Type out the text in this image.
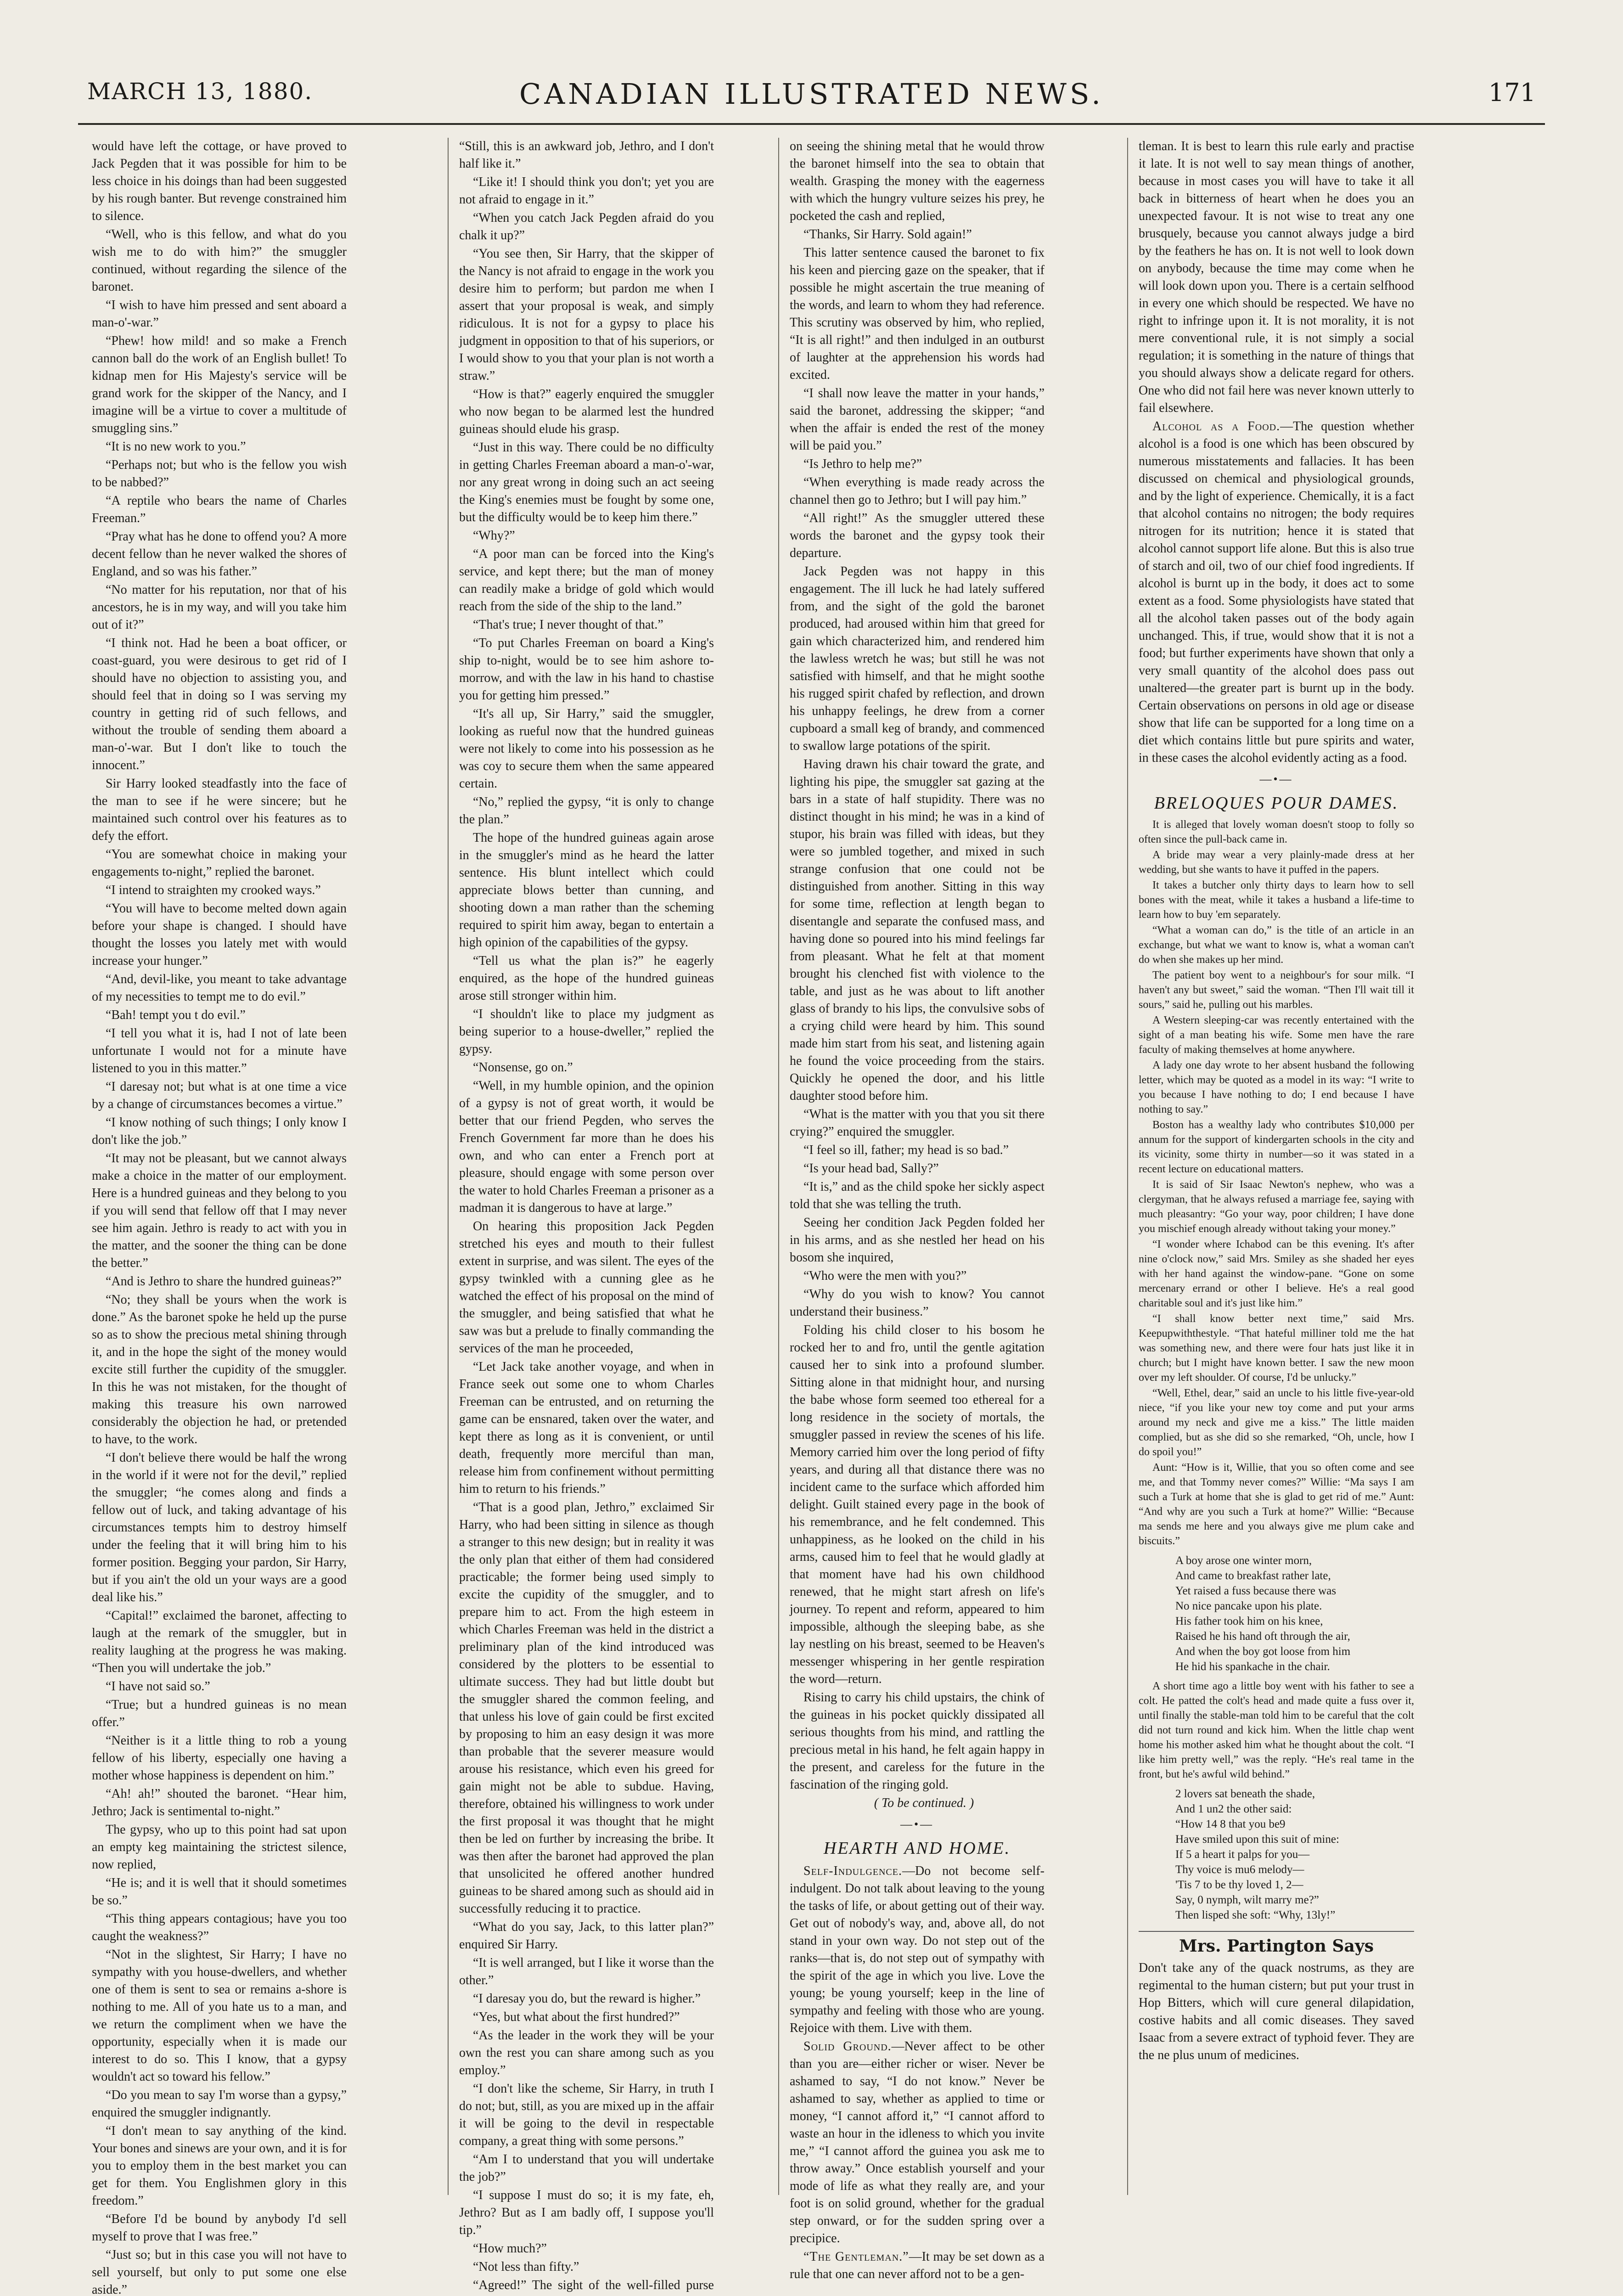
MARCH 13, 1880.	CANADIAN ILLUSTRATED NEWS.	171

would have left the cottage, or have proved to Jack Pegden that it was possible for him to be less choice in his doings than had been suggested by his rough banter. But revenge constrained him to silence.

“Well, who is this fellow, and what do you wish me to do with him?” the smuggler continued, without regarding the silence of the baronet.

“I wish to have him pressed and sent aboard a man-o'-war.”

“Phew! how mild! and so make a French cannon ball do the work of an English bullet! To kidnap men for His Majesty's service will be grand work for the skipper of the Nancy, and I imagine will be a virtue to cover a multitude of smuggling sins.”

“It is no new work to you.”

“Perhaps not; but who is the fellow you wish to be nabbed?”

“A reptile who bears the name of Charles Freeman.”

“Pray what has he done to offend you? A more decent fellow than he never walked the shores of England, and so was his father.”

“No matter for his reputation, nor that of his ancestors, he is in my way, and will you take him out of it?”

“I think not. Had he been a boat officer, or coast-guard, you were desirous to get rid of I should have no objection to assisting you, and should feel that in doing so I was serving my country in getting rid of such fellows, and without the trouble of sending them aboard a man-o'-war. But I don't like to touch the innocent.”

Sir Harry looked steadfastly into the face of the man to see if he were sincere; but he maintained such control over his features as to defy the effort.

“You are somewhat choice in making your engagements to-night,” replied the baronet.

“I intend to straighten my crooked ways.”

“You will have to become melted down again before your shape is changed. I should have thought the losses you lately met with would increase your hunger.”

“And, devil-like, you meant to take advantage of my necessities to tempt me to do evil.”

“Bah! tempt you t do evil.”

“I tell you what it is, had I not of late been unfortunate I would not for a minute have listened to you in this matter.”

“I daresay not; but what is at one time a vice by a change of circumstances becomes a virtue.”

“I know nothing of such things; I only know I don't like the job.”

“It may not be pleasant, but we cannot always make a choice in the matter of our employment. Here is a hundred guineas and they belong to you if you will send that fellow off that I may never see him again. Jethro is ready to act with you in the matter, and the sooner the thing can be done the better.”

“And is Jethro to share the hundred guineas?”

“No; they shall be yours when the work is done.” As the baronet spoke he held up the purse so as to show the precious metal shining through it, and in the hope the sight of the money would excite still further the cupidity of the smuggler. In this he was not mistaken, for the thought of making this treasure his own narrowed considerably the objection he had, or pretended to have, to the work.

“I don't believe there would be half the wrong in the world if it were not for the devil,” replied the smuggler; “he comes along and finds a fellow out of luck, and taking advantage of his circumstances tempts him to destroy himself under the feeling that it will bring him to his former position. Begging your pardon, Sir Harry, but if you ain't the old un your ways are a good deal like his.”

“Capital!” exclaimed the baronet, affecting to laugh at the remark of the smuggler, but in reality laughing at the progress he was making. “Then you will undertake the job.”

“I have not said so.”

“True; but a hundred guineas is no mean offer.”

“Neither is it a little thing to rob a young fellow of his liberty, especially one having a mother whose happiness is dependent on him.”

“Ah! ah!” shouted the baronet. “Hear him, Jethro; Jack is sentimental to-night.”

The gypsy, who up to this point had sat upon an empty keg maintaining the strictest silence, now replied,

“He is; and it is well that it should sometimes be so.”

“This thing appears contagious; have you too caught the weakness?”

“Not in the slightest, Sir Harry; I have no sympathy with you house-dwellers, and whether one of them is sent to sea or remains a-shore is nothing to me. All of you hate us to a man, and we return the compliment when we have the opportunity, especially when it is made our interest to do so. This I know, that a gypsy wouldn't act so toward his fellow.”

“Do you mean to say I'm worse than a gypsy,” enquired the smuggler indignantly.

“I don't mean to say anything of the kind. Your bones and sinews are your own, and it is for you to employ them in the best market you can get for them. You Englishmen glory in this freedom.”

“Before I'd be bound by anybody I'd sell myself to prove that I was free.”

“Just so; but in this case you will not have to sell yourself, but only to put some one else aside.”

“Still, this is an awkward job, Jethro, and I don't half like it.”

“Like it! I should think you don't; yet you are not afraid to engage in it.”

“When you catch Jack Pegden afraid do you chalk it up?”

“You see then, Sir Harry, that the skipper of the Nancy is not afraid to engage in the work you desire him to perform; but pardon me when I assert that your proposal is weak, and simply ridiculous. It is not for a gypsy to place his judgment in opposition to that of his superiors, or I would show to you that your plan is not worth a straw.”

“How is that?” eagerly enquired the smuggler who now began to be alarmed lest the hundred guineas should elude his grasp.

“Just in this way. There could be no difficulty in getting Charles Freeman aboard a man-o'-war, nor any great wrong in doing such an act seeing the King's enemies must be fought by some one, but the difficulty would be to keep him there.”

“Why?”

“A poor man can be forced into the King's service, and kept there; but the man of money can readily make a bridge of gold which would reach from the side of the ship to the land.”

“That's true; I never thought of that.”

“To put Charles Freeman on board a King's ship to-night, would be to see him ashore to-morrow, and with the law in his hand to chastise you for getting him pressed.”

“It's all up, Sir Harry,” said the smuggler, looking as rueful now that the hundred guineas were not likely to come into his possession as he was coy to secure them when the same appeared certain.

“No,” replied the gypsy, “it is only to change the plan.”

The hope of the hundred guineas again arose in the smuggler's mind as he heard the latter sentence. His blunt intellect which could appreciate blows better than cunning, and shooting down a man rather than the scheming required to spirit him away, began to entertain a high opinion of the capabilities of the gypsy.

“Tell us what the plan is?” he eagerly enquired, as the hope of the hundred guineas arose still stronger within him.

“I shouldn't like to place my judgment as being superior to a house-dweller,” replied the gypsy.

“Nonsense, go on.”

“Well, in my humble opinion, and the opinion of a gypsy is not of great worth, it would be better that our friend Pegden, who serves the French Government far more than he does his own, and who can enter a French port at pleasure, should engage with some person over the water to hold Charles Freeman a prisoner as a madman it is dangerous to have at large.”

On hearing this proposition Jack Pegden stretched his eyes and mouth to their fullest extent in surprise, and was silent. The eyes of the gypsy twinkled with a cunning glee as he watched the effect of his proposal on the mind of the smuggler, and being satisfied that what he saw was but a prelude to finally commanding the services of the man he proceeded,

“Let Jack take another voyage, and when in France seek out some one to whom Charles Freeman can be entrusted, and on returning the game can be ensnared, taken over the water, and kept there as long as it is convenient, or until death, frequently more merciful than man, release him from confinement without permitting him to return to his friends.”

“That is a good plan, Jethro,” exclaimed Sir Harry, who had been sitting in silence as though a stranger to this new design; but in reality it was the only plan that either of them had considered practicable; the former being used simply to excite the cupidity of the smuggler, and to prepare him to act. From the high esteem in which Charles Freeman was held in the district a preliminary plan of the kind introduced was considered by the plotters to be essential to ultimate success. They had but little doubt but the smuggler shared the common feeling, and that unless his love of gain could be first excited by proposing to him an easy design it was more than probable that the severer measure would arouse his resistance, which even his greed for gain might not be able to subdue. Having, therefore, obtained his willingness to work under the first proposal it was thought that he might then be led on further by increasing the bribe. It was then after the baronet had approved the plan that unsolicited he offered another hundred guineas to be shared among such as should aid in successfully reducing it to practice.

“What do you say, Jack, to this latter plan?” enquired Sir Harry.

“It is well arranged, but I like it worse than the other.”

“I daresay you do, but the reward is higher.”

“Yes, but what about the first hundred?”

“As the leader in the work they will be your own the rest you can share among such as you employ.”

“I don't like the scheme, Sir Harry, in truth I do not; but, still, as you are mixed up in the affair it will be going to the devil in respectable company, a great thing with some persons.”

“Am I to understand that you will undertake the job?”

“I suppose I must do so; it is my fate, eh, Jethro? But as I am badly off, I suppose you'll tip.”

“How much?”

“Not less than fifty.”

“Agreed!” The sight of the well-filled purse

on seeing the shining metal that he would throw the baronet himself into the sea to obtain that wealth. Grasping the money with the eagerness with which the hungry vulture seizes his prey, he pocketed the cash and replied,

“Thanks, Sir Harry. Sold again!”

This latter sentence caused the baronet to fix his keen and piercing gaze on the speaker, that if possible he might ascertain the true meaning of the words, and learn to whom they had reference. This scrutiny was observed by him, who replied, “It is all right!” and then indulged in an outburst of laughter at the apprehension his words had excited.

“I shall now leave the matter in your hands,” said the baronet, addressing the skipper; “and when the affair is ended the rest of the money will be paid you.”

“Is Jethro to help me?”

“When everything is made ready across the channel then go to Jethro; but I will pay him.”

“All right!” As the smuggler uttered these words the baronet and the gypsy took their departure.

Jack Pegden was not happy in this engagement. The ill luck he had lately suffered from, and the sight of the gold the baronet produced, had aroused within him that greed for gain which characterized him, and rendered him the lawless wretch he was; but still he was not satisfied with himself, and that he might soothe his rugged spirit chafed by reflection, and drown his unhappy feelings, he drew from a corner cupboard a small keg of brandy, and commenced to swallow large potations of the spirit.

Having drawn his chair toward the grate, and lighting his pipe, the smuggler sat gazing at the bars in a state of half stupidity. There was no distinct thought in his mind; he was in a kind of stupor, his brain was filled with ideas, but they were so jumbled together, and mixed in such strange confusion that one could not be distinguished from another. Sitting in this way for some time, reflection at length began to disentangle and separate the confused mass, and having done so poured into his mind feelings far from pleasant. What he felt at that moment brought his clenched fist with violence to the table, and just as he was about to lift another glass of brandy to his lips, the convulsive sobs of a crying child were heard by him. This sound made him start from his seat, and listening again he found the voice proceeding from the stairs. Quickly he opened the door, and his little daughter stood before him.

“What is the matter with you that you sit there crying?” enquired the smuggler.

“I feel so ill, father; my head is so bad.”

“Is your head bad, Sally?”

“It is,” and as the child spoke her sickly aspect told that she was telling the truth.

Seeing her condition Jack Pegden folded her in his arms, and as she nestled her head on his bosom she inquired,

“Who were the men with you?”

“Why do you wish to know? You cannot understand their business.”

Folding his child closer to his bosom he rocked her to and fro, until the gentle agitation caused her to sink into a profound slumber. Sitting alone in that midnight hour, and nursing the babe whose form seemed too ethereal for a long residence in the society of mortals, the smuggler passed in review the scenes of his life. Memory carried him over the long period of fifty years, and during all that distance there was no incident came to the surface which afforded him delight. Guilt stained every page in the book of his remembrance, and he felt condemned. This unhappiness, as he looked on the child in his arms, caused him to feel that he would gladly at that moment have had his own childhood renewed, that he might start afresh on life's journey. To repent and reform, appeared to him impossible, although the sleeping babe, as she lay nestling on his breast, seemed to be Heaven's messenger whispering in her gentle respiration the word—return.

Rising to carry his child upstairs, the chink of the guineas in his pocket quickly dissipated all serious thoughts from his mind, and rattling the precious metal in his hand, he felt again happy in the present, and careless for the future in the fascination of the ringing gold.

( To be continued. )

—•—
HEARTH AND HOME.

Self-Indulgence.—Do not become self-indulgent. Do not talk about leaving to the young the tasks of life, or about getting out of their way. Get out of nobody's way, and, above all, do not stand in your own way. Do not step out of the ranks—that is, do not step out of sympathy with the spirit of the age in which you live. Love the young; be young yourself; keep in the line of sympathy and feeling with those who are young. Rejoice with them. Live with them.

Solid Ground.—Never affect to be other than you are—either richer or wiser. Never be ashamed to say, “I do not know.” Never be ashamed to say, whether as applied to time or money, “I cannot afford it,” “I cannot afford to waste an hour in the idleness to which you invite me,” “I cannot afford the guinea you ask me to throw away.” Once establish yourself and your mode of life as what they really are, and your foot is on solid ground, whether for the gradual step onward, or for the sudden spring over a precipice.

“The Gentleman.”—It may be set down as a rule that one can never afford not to be a gen-

tleman. It is best to learn this rule early and practise it late. It is not well to say mean things of another, because in most cases you will have to take it all back in bitterness of heart when he does you an unexpected favour. It is not wise to treat any one brusquely, because you cannot always judge a bird by the feathers he has on. It is not well to look down on anybody, because the time may come when he will look down upon you. There is a certain selfhood in every one which should be respected. We have no right to infringe upon it. It is not morality, it is not mere conventional rule, it is not simply a social regulation; it is something in the nature of things that you should always show a delicate regard for others. One who did not fail here was never known utterly to fail elsewhere.

Alcohol as a Food.—The question whether alcohol is a food is one which has been obscured by numerous misstatements and fallacies. It has been discussed on chemical and physiological grounds, and by the light of experience. Chemically, it is a fact that alcohol contains no nitrogen; the body requires nitrogen for its nutrition; hence it is stated that alcohol cannot support life alone. But this is also true of starch and oil, two of our chief food ingredients. If alcohol is burnt up in the body, it does act to some extent as a food. Some physiologists have stated that all the alcohol taken passes out of the body again unchanged. This, if true, would show that it is not a food; but further experiments have shown that only a very small quantity of the alcohol does pass out unaltered—the greater part is burnt up in the body. Certain observations on persons in old age or disease show that life can be supported for a long time on a diet which contains little but pure spirits and water, in these cases the alcohol evidently acting as a food.

—•—
BRELOQUES POUR DAMES.

It is alleged that lovely woman doesn't stoop to folly so often since the pull-back came in.

A bride may wear a very plainly-made dress at her wedding, but she wants to have it puffed in the papers.

It takes a butcher only thirty days to learn how to sell bones with the meat, while it takes a husband a life-time to learn how to buy 'em separately.

“What a woman can do,” is the title of an article in an exchange, but what we want to know is, what a woman can't do when she makes up her mind.

The patient boy went to a neighbour's for sour milk. “I haven't any but sweet,” said the woman. “Then I'll wait till it sours,” said he, pulling out his marbles.

A Western sleeping-car was recently entertained with the sight of a man beating his wife. Some men have the rare faculty of making themselves at home anywhere.

A lady one day wrote to her absent husband the following letter, which may be quoted as a model in its way: “I write to you because I have nothing to do; I end because I have nothing to say.”

Boston has a wealthy lady who contributes $10,000 per annum for the support of kindergarten schools in the city and its vicinity, some thirty in number—so it was stated in a recent lecture on educational matters.

It is said of Sir Isaac Newton's nephew, who was a clergyman, that he always refused a marriage fee, saying with much pleasantry: “Go your way, poor children; I have done you mischief enough already without taking your money.”

“I wonder where Ichabod can be this evening. It's after nine o'clock now,” said Mrs. Smiley as she shaded her eyes with her hand against the window-pane. “Gone on some mercenary errand or other I believe. He's a real good charitable soul and it's just like him.”

“I shall know better next time,” said Mrs. Keepupwiththestyle. “That hateful milliner told me the hat was something new, and there were four hats just like it in church; but I might have known better. I saw the new moon over my left shoulder. Of course, I'd be unlucky.”

“Well, Ethel, dear,” said an uncle to his little five-year-old niece, “if you like your new toy come and put your arms around my neck and give me a kiss.” The little maiden complied, but as she did so she remarked, “Oh, uncle, how I do spoil you!”

Aunt: “How is it, Willie, that you so often come and see me, and that Tommy never comes?” Willie: “Ma says I am such a Turk at home that she is glad to get rid of me.” Aunt: “And why are you such a Turk at home?” Willie: “Because ma sends me here and you always give me plum cake and biscuits.”

A boy arose one winter morn,
And came to breakfast rather late,
Yet raised a fuss because there was
No nice pancake upon his plate.
His father took him on his knee,
Raised he his hand oft through the air,
And when the boy got loose from him
He hid his spankache in the chair.

A short time ago a little boy went with his father to see a colt. He patted the colt's head and made quite a fuss over it, until finally the stable-man told him to be careful that the colt did not turn round and kick him. When the little chap went home his mother asked him what he thought about the colt. “I like him pretty well,” was the reply. “He's real tame in the front, but he's awful wild behind.”

2 lovers sat beneath the shade,
And 1 un2 the other said:
“How 14 8 that you be9
Have smiled upon this suit of mine:
If 5 a heart it palps for you—
Thy voice is mu6 melody—
'Tis 7 to be thy loved 1, 2—
Say, 0 nymph, wilt marry me?”
Then lisped she soft: “Why, 13ly!”
Mrs. Partington Says

Don't take any of the quack nostrums, as they are regimental to the human cistern; but put your trust in Hop Bitters, which will cure general dilapidation, costive habits and all comic diseases. They saved Isaac from a severe extract of typhoid fever. They are the ne plus unum of medicines.
